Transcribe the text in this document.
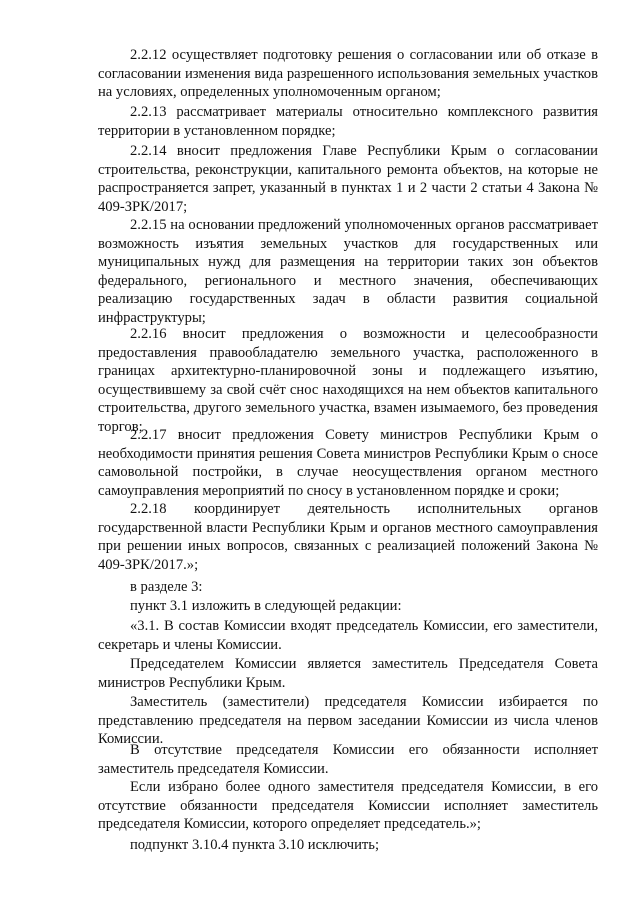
2.2.12 осуществляет подготовку решения о согласовании или об отказе в согласовании изменения вида разрешенного использования земельных участков на условиях, определенных уполномоченным органом;

2.2.13 рассматривает материалы относительно комплексного развития территории в установленном порядке;

2.2.14 вносит предложения Главе Республики Крым о согласовании строительства, реконструкции, капитального ремонта объектов, на которые не распространяется запрет, указанный в пунктах 1 и 2 части 2 статьи 4 Закона № 409-ЗРК/2017;

2.2.15 на основании предложений уполномоченных органов рассматривает возможность изъятия земельных участков для государственных или муниципальных нужд для размещения на территории таких зон объектов федерального, регионального и местного значения, обеспечивающих реализацию государственных задач в области развития социальной инфраструктуры;

2.2.16 вносит предложения о возможности и целесообразности предоставления правообладателю земельного участка, расположенного в границах архитектурно-планировочной зоны и подлежащего изъятию, осуществившему за свой счёт снос находящихся на нем объектов капитального строительства, другого земельного участка, взамен изымаемого, без проведения торгов;

2.2.17 вносит предложения Совету министров Республики Крым о необходимости принятия решения Совета министров Республики Крым о сносе самовольной постройки, в случае неосуществления органом местного самоуправления мероприятий по сносу в установленном порядке и сроки;

2.2.18 координирует деятельность исполнительных органов государственной власти Республики Крым и органов местного самоуправления при решении иных вопросов, связанных с реализацией положений Закона № 409-ЗРК/2017.»;

в разделе 3:

пункт 3.1 изложить в следующей редакции:

«3.1. В состав Комиссии входят председатель Комиссии, его заместители, секретарь и члены Комиссии.

Председателем Комиссии является заместитель Председателя Совета министров Республики Крым.

Заместитель (заместители) председателя Комиссии избирается по представлению председателя на первом заседании Комиссии из числа членов Комиссии.

В отсутствие председателя Комиссии его обязанности исполняет заместитель председателя Комиссии.

Если избрано более одного заместителя председателя Комиссии, в его отсутствие обязанности председателя Комиссии исполняет заместитель председателя Комиссии, которого определяет председатель.»;

подпункт 3.10.4 пункта 3.10 исключить;
